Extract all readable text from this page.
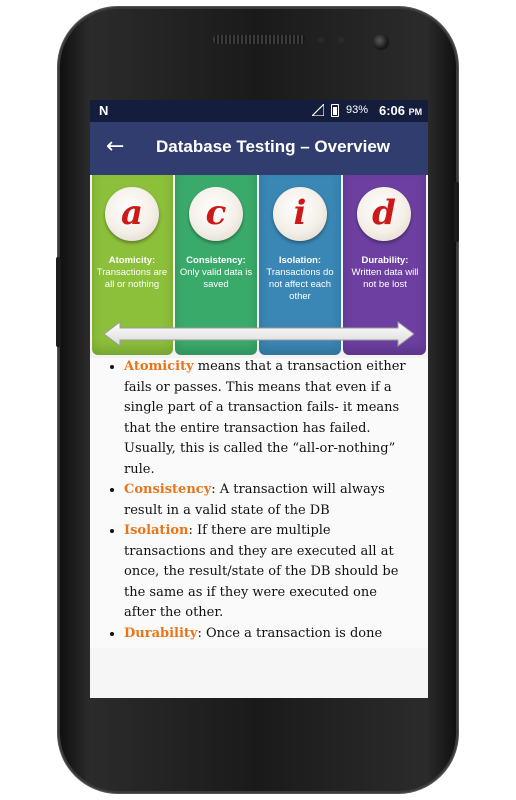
N	93% 6:06 PM
← Database Testing – Overview
a
Atomicity:
Transactions are all or nothing
c
Consistency:
Only valid data is saved
i
Isolation:
Transactions do not affect each other
d
Durability:
Written data will not be lost
• Atomicity means that a transaction either fails or passes. This means that even if a single part of a transaction fails- it means that the entire transaction has failed. Usually, this is called the “all-or-nothing” rule.
• Consistency: A transaction will always result in a valid state of the DB
• Isolation: If there are multiple transactions and they are executed all at once, the result/state of the DB should be the same as if they were executed one after the other.
• Durability: Once a transaction is done
